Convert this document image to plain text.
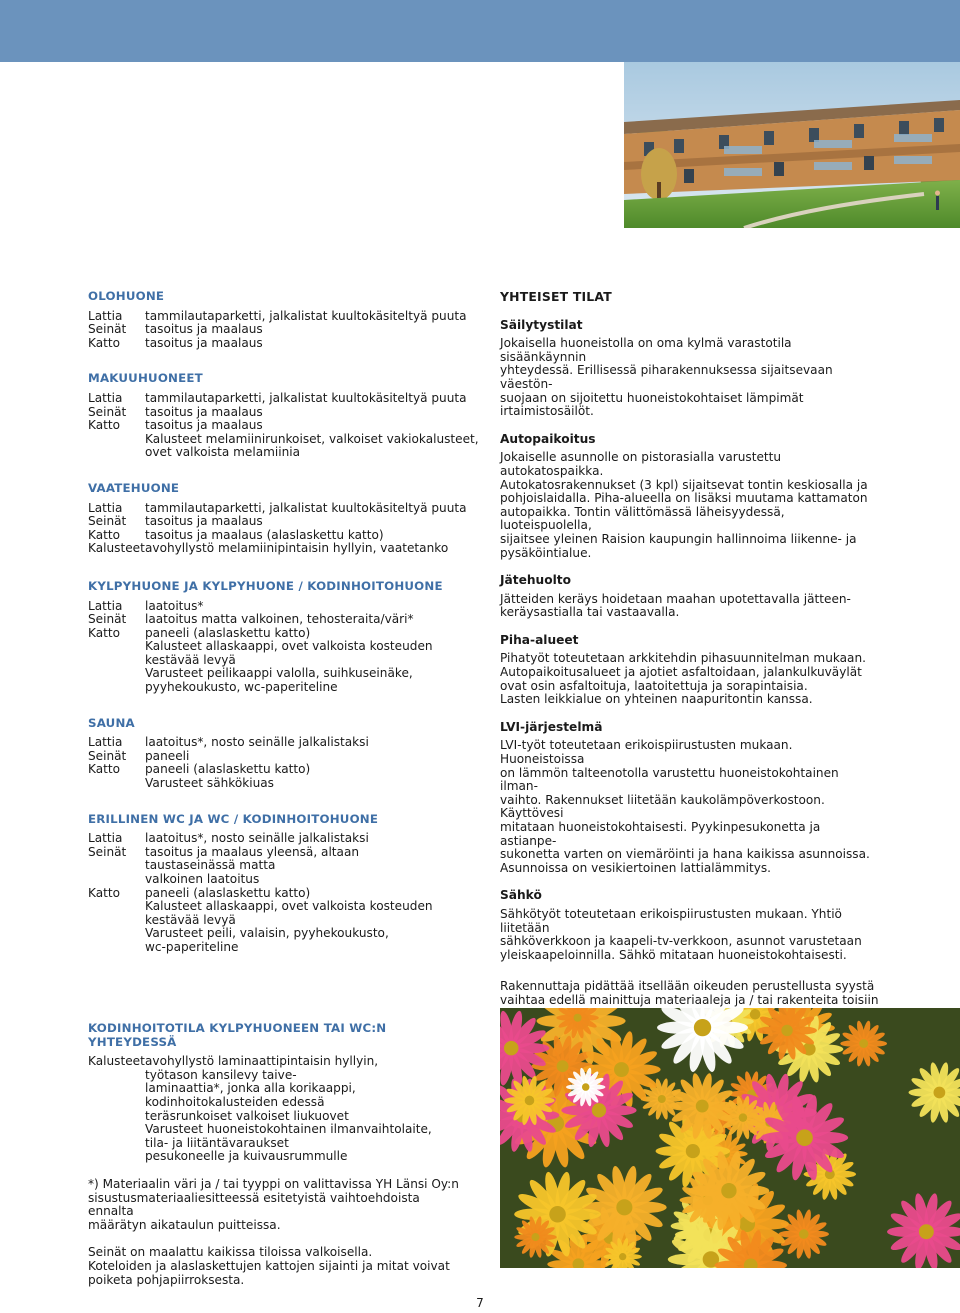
OLOHUONE
Lattia	tammilautaparketti, jalkalistat kuultokäsiteltyä puuta
Seinät	tasoitus ja maalaus
Katto	tasoitus ja maalaus
MAKUUHUONEET
Lattia	tammilautaparketti, jalkalistat kuultokäsiteltyä puuta
Seinät	tasoitus ja maalaus
Katto	tasoitus ja maalaus
Kalusteet melamiinirunkoiset, valkoiset vakiokalusteet,
ovet valkoista melamiinia
VAATEHUONE
Lattia	tammilautaparketti, jalkalistat kuultokäsiteltyä puuta
Seinät	tasoitus ja maalaus
Katto	tasoitus ja maalaus (alaslaskettu katto)
Kalusteet avohyllystö melamiinipintaisin hyllyin, vaatetanko
KYLPYHUONE JA KYLPYHUONE / KODINHOITOHUONE
Lattia	laatoitus*
Seinät	laatoitus matta valkoinen, tehosteraita/väri*
Katto	paneeli (alaslaskettu katto)
Kalusteet allaskaappi, ovet valkoista kosteuden
kestävää levyä
Varusteet peilikaappi valolla, suihkuseinäke,
pyyhekoukusto, wc-paperiteline
SAUNA
Lattia	laatoitus*, nosto seinälle jalkalistaksi
Seinät	paneeli
Katto	paneeli (alaslaskettu katto)
Varusteet sähkökiuas
ERILLINEN WC JA WC / KODINHOITOHUONE
Lattia	laatoitus*, nosto seinälle jalkalistaksi
Seinät	tasoitus ja maalaus yleensä, altaan
taustaseinässä matta
valkoinen laatoitus
Katto	paneeli (alaslaskettu katto)
Kalusteet allaskaappi, ovet valkoista kosteuden
kestävää levyä
Varusteet peili, valaisin, pyyhekoukusto,
wc-paperiteline
KODINHOITOTILA KYLPYHUONEEN TAI WC:N YHTEYDESSÄ
Kalusteet avohyllystö laminaattipintaisin hyllyin,
työtason kansilevy taive-
laminaattia*, jonka alla korikaappi,
kodinhoitokalusteiden edessä
teräsrunkoiset valkoiset liukuovet
Varusteet huoneistokohtainen ilmanvaihtolaite,
tila- ja liitäntävaraukset
pesukoneelle ja kuivausrummulle

*) Materiaalin väri ja / tai tyyppi on valittavissa YH Länsi Oy:n

sisustusmateriaaliesitteessä esitetyistä vaihtoehdoista ennalta

määrätyn aikataulun puitteissa.

Seinät on maalattu kaikissa tiloissa valkoisella.

Koteloiden ja alaslaskettujen kattojen sijainti ja mitat voivat

poiketa pohjapiirroksesta.

YHTEISET TILAT
Säilytystilat

Jokaisella huoneistolla on oma kylmä varastotila sisäänkäynnin

yhteydessä. Erillisessä piharakennuksessa sijaitsevaan väestön-

suojaan on sijoitettu huoneistokohtaiset lämpimät irtaimistosäilöt.

Autopaikoitus

Jokaiselle asunnolle on pistorasialla varustettu autokatospaikka.

Autokatosrakennukset (3 kpl) sijaitsevat tontin keskiosalla ja

pohjoislaidalla. Piha-alueella on lisäksi muutama kattamaton

autopaikka. Tontin välittömässä läheisyydessä, luoteispuolella,

sijaitsee yleinen Raision kaupungin hallinnoima liikenne- ja

pysäköintialue.

Jätehuolto

Jätteiden keräys hoidetaan maahan upotettavalla jätteen-

keräysastialla tai vastaavalla.

Piha-alueet

Pihatyöt toteutetaan arkkitehdin pihasuunnitelman mukaan.

Autopaikoitusalueet ja ajotiet asfaltoidaan, jalankulkuväylät

ovat osin asfaltoituja, laatoitettuja ja sorapintaisia.

Lasten leikkialue on yhteinen naapuritontin kanssa.

LVI-järjestelmä

LVI-työt toteutetaan erikoispiirustusten mukaan. Huoneistoissa

on lämmön talteenotolla varustettu huoneistokohtainen ilman-

vaihto. Rakennukset liitetään kaukolämpöverkostoon. Käyttövesi

mitataan huoneistokohtaisesti. Pyykinpesukonetta ja astianpe-

sukonetta varten on viemäröinti ja hana kaikissa asunnoissa.

Asunnoissa on vesikiertoinen lattialämmitys.

Sähkö

Sähkötyöt toteutetaan erikoispiirustusten mukaan. Yhtiö liitetään

sähköverkkoon ja kaapeli-tv-verkkoon, asunnot varustetaan

yleiskaapeloinnilla. Sähkö mitataan huoneistokohtaisesti.

Rakennuttaja pidättää itsellään oikeuden perustellusta syystä

vaihtaa edellä mainittuja materiaaleja ja / tai rakenteita toisiin

7
